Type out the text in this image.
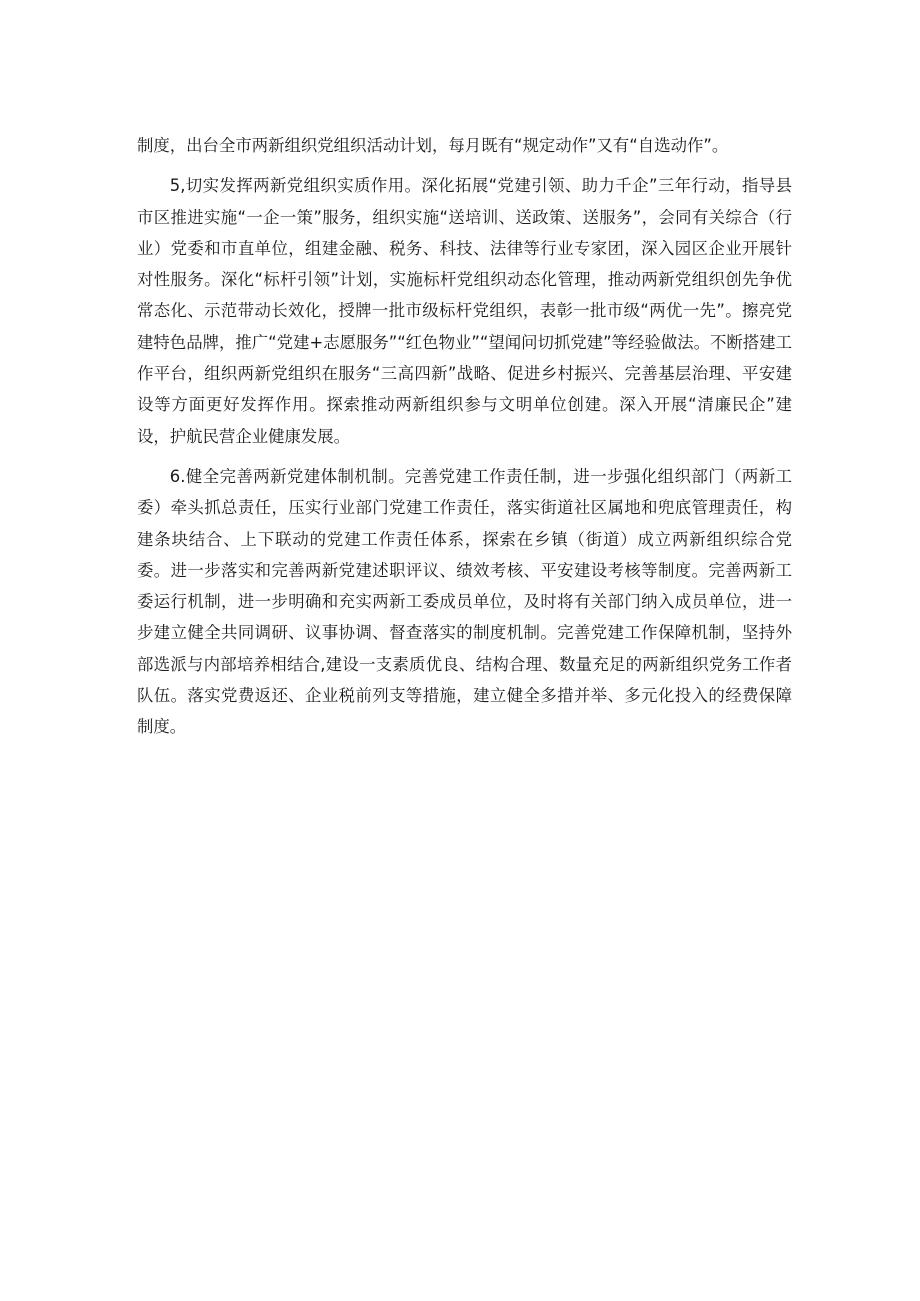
制度，出台全市两新组织党组织活动计划，每月既有“规定动作”又有“自选动作”。

5,切实发挥两新党组织实质作用。深化拓展“党建引领、助力千企”三年行动，指导县市区推进实施“一企一策”服务，组织实施“送培训、送政策、送服务”，会同有关综合（行业）党委和市直单位，组建金融、税务、科技、法律等行业专家团，深入园区企业开展针对性服务。深化“标杆引领”计划，实施标杆党组织动态化管理，推动两新党组织创先争优常态化、示范带动长效化，授牌一批市级标杆党组织，表彰一批市级“两优一先”。擦亮党建特色品牌，推广“党建+志愿服务”“红色物业”“望闻问切抓党建”等经验做法。不断搭建工作平台，组织两新党组织在服务“三高四新”战略、促进乡村振兴、完善基层治理、平安建设等方面更好发挥作用。探索推动两新组织参与文明单位创建。深入开展“清廉民企”建设，护航民营企业健康发展。

6.健全完善两新党建体制机制。完善党建工作责任制，进一步强化组织部门（两新工委）牵头抓总责任，压实行业部门党建工作责任，落实街道社区属地和兜底管理责任，构建条块结合、上下联动的党建工作责任体系，探索在乡镇（街道）成立两新组织综合党委。进一步落实和完善两新党建述职评议、绩效考核、平安建设考核等制度。完善两新工委运行机制，进一步明确和充实两新工委成员单位，及时将有关部门纳入成员单位，进一步建立健全共同调研、议事协调、督查落实的制度机制。完善党建工作保障机制，坚持外部选派与内部培养相结合,建设一支素质优良、结构合理、数量充足的两新组织党务工作者队伍。落实党费返还、企业税前列支等措施，建立健全多措并举、多元化投入的经费保障制度。
